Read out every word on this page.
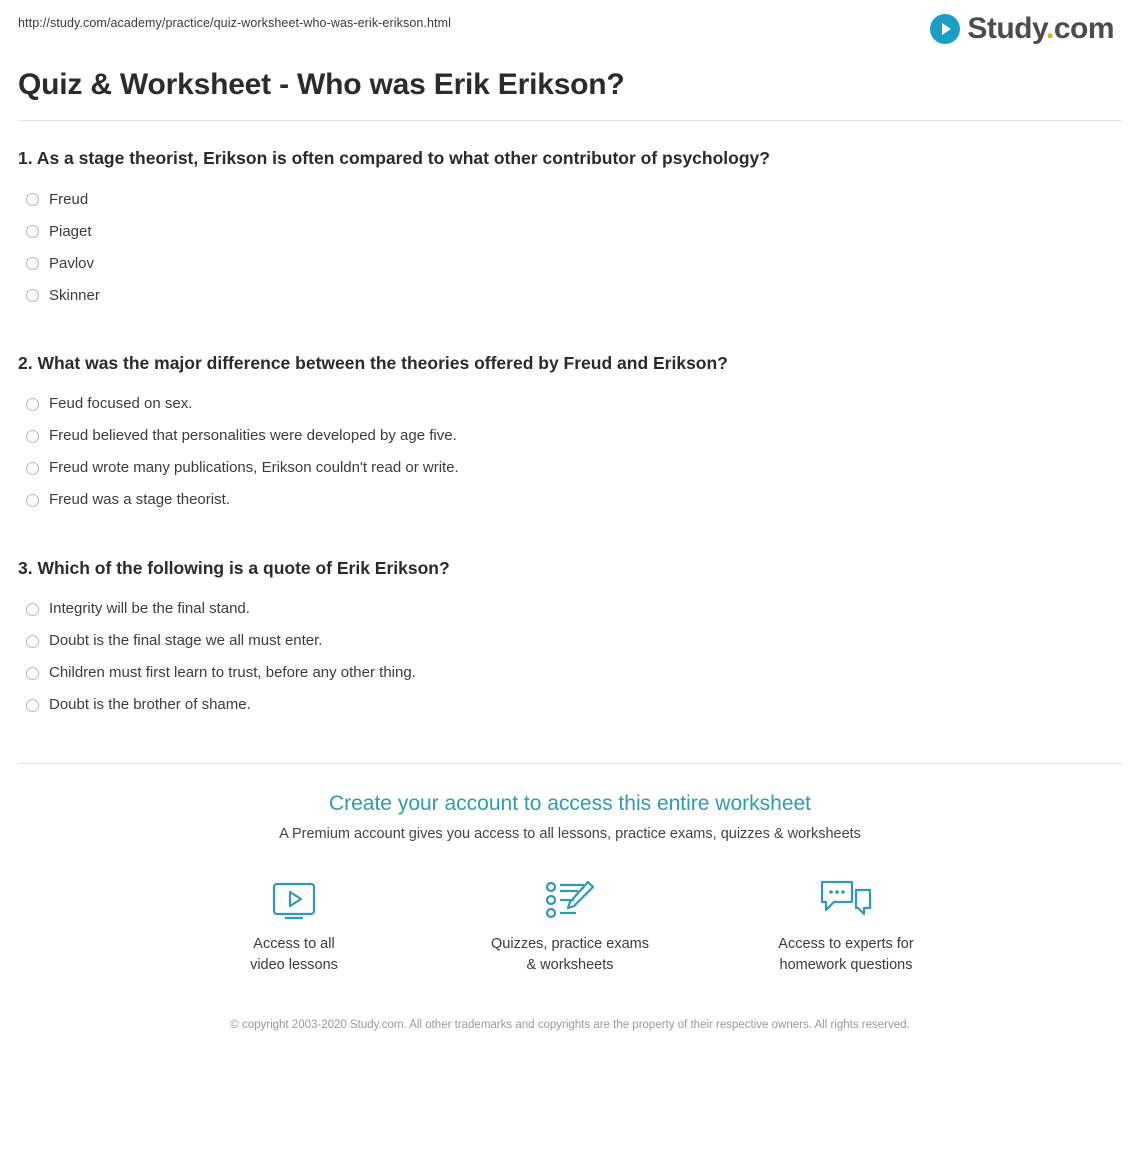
http://study.com/academy/practice/quiz-worksheet-who-was-erik-erikson.html	Study.com
Quiz & Worksheet - Who was Erik Erikson?

1. As a stage theorist, Erikson is often compared to what other contributor of psychology?

Freud
Piaget
Pavlov
Skinner

2. What was the major difference between the theories offered by Freud and Erikson?

Feud focused on sex.
Freud believed that personalities were developed by age five.
Freud wrote many publications, Erikson couldn't read or write.
Freud was a stage theorist.

3. Which of the following is a quote of Erik Erikson?

Integrity will be the final stand.
Doubt is the final stage we all must enter.
Children must first learn to trust, before any other thing.
Doubt is the brother of shame.

Create your account to access this entire worksheet

A Premium account gives you access to all lessons, practice exams, quizzes & worksheets

Access to all
video lessons
Quizzes, practice exams
& worksheets
Access to experts for
homework questions
© copyright 2003-2020 Study.com. All other trademarks and copyrights are the property of their respective owners. All rights reserved.
